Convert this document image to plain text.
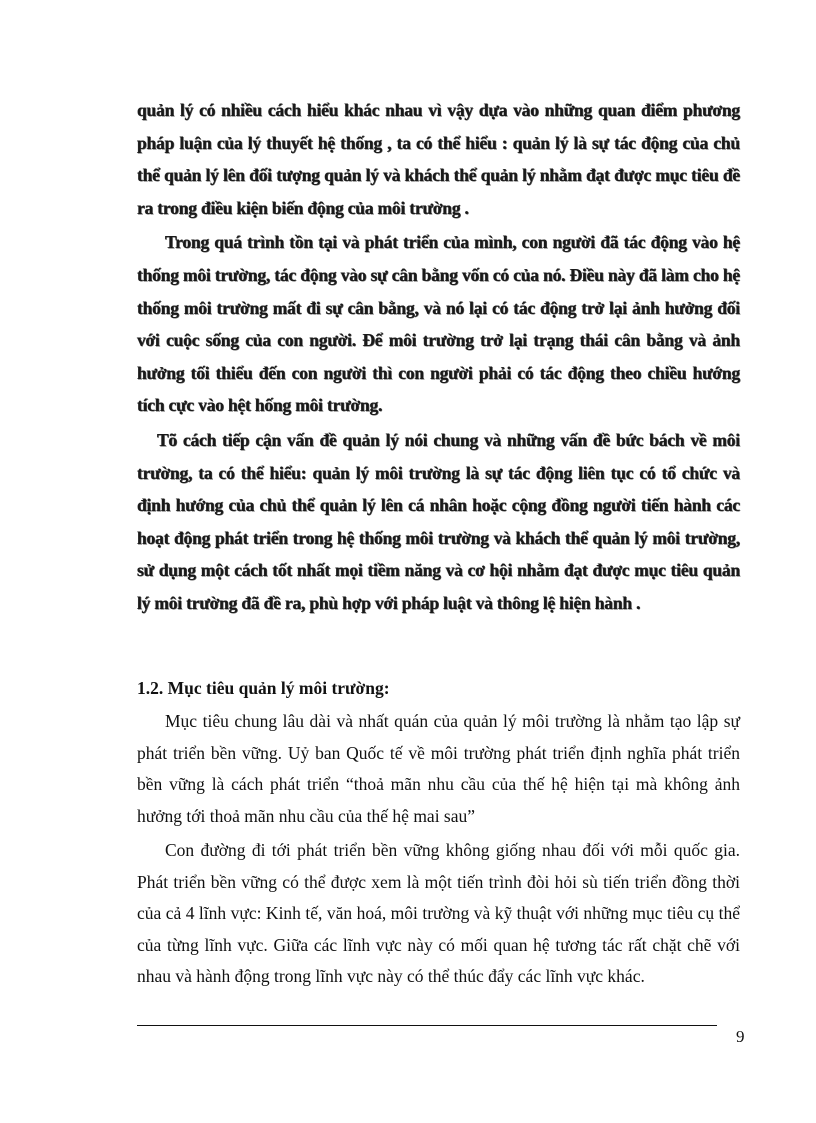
quản lý có nhiều cách hiểu khác nhau vì vậy dựa vào những quan điểm phương pháp luận của lý thuyết hệ thống , ta có thể hiểu : quản lý là sự tác động của chủ thể quản lý lên đối tượng quản lý và khách thể quản lý nhằm đạt được mục tiêu đề ra trong điều kiện biến động của môi trường .

Trong quá trình tồn tại và phát triển của mình, con người đã tác động vào hệ thống môi trường, tác động vào sự cân bằng vốn có của nó. Điều này đã làm cho hệ thống môi trường mất đi sự cân bằng, và nó lại có tác động trở lại ảnh hưởng đối với cuộc sống của con người. Để môi trường trở lại trạng thái cân bằng và ảnh hưởng tối thiểu đến con người thì con người phải có tác động theo chiều hướng tích cực vào hệt hống môi trường.

Tõ cách tiếp cận vấn đề quản lý nói chung và những vấn đề bức bách về môi trường, ta có thể hiểu: quản lý môi trường là sự tác động liên tục có tổ chức và định hướng của chủ thể quản lý lên cá nhân hoặc cộng đồng người tiến hành các hoạt động phát triển trong hệ thống môi trường và khách thể quản lý môi trường, sử dụng một cách tốt nhất mọi tiềm năng và cơ hội nhằm đạt được mục tiêu quản lý môi trường đã đề ra, phù hợp với pháp luật và thông lệ hiện hành .

1.2. Mục tiêu quản lý môi trường:

Mục tiêu chung lâu dài và nhất quán của quản lý môi trường là nhằm tạo lập sự phát triển bền vững. Uỷ ban Quốc tế về môi trường phát triển định nghĩa phát triển bền vững là cách phát triển “thoả mãn nhu cầu của thế hệ hiện tại mà không ảnh hưởng tới thoả mãn nhu cầu của thế hệ mai sau”

Con đường đi tới phát triển bền vững không giống nhau đối với mỗi quốc gia. Phát triển bền vững có thể được xem là một tiến trình đòi hỏi sù tiến triển đồng thời của cả 4 lĩnh vực: Kinh tế, văn hoá, môi trường và kỹ thuật với những mục tiêu cụ thể của từng lĩnh vực. Giữa các lĩnh vực này có mối quan hệ tương tác rất chặt chẽ với nhau và hành động trong lĩnh vực này có thể thúc đẩy các lĩnh vực khác.

9
